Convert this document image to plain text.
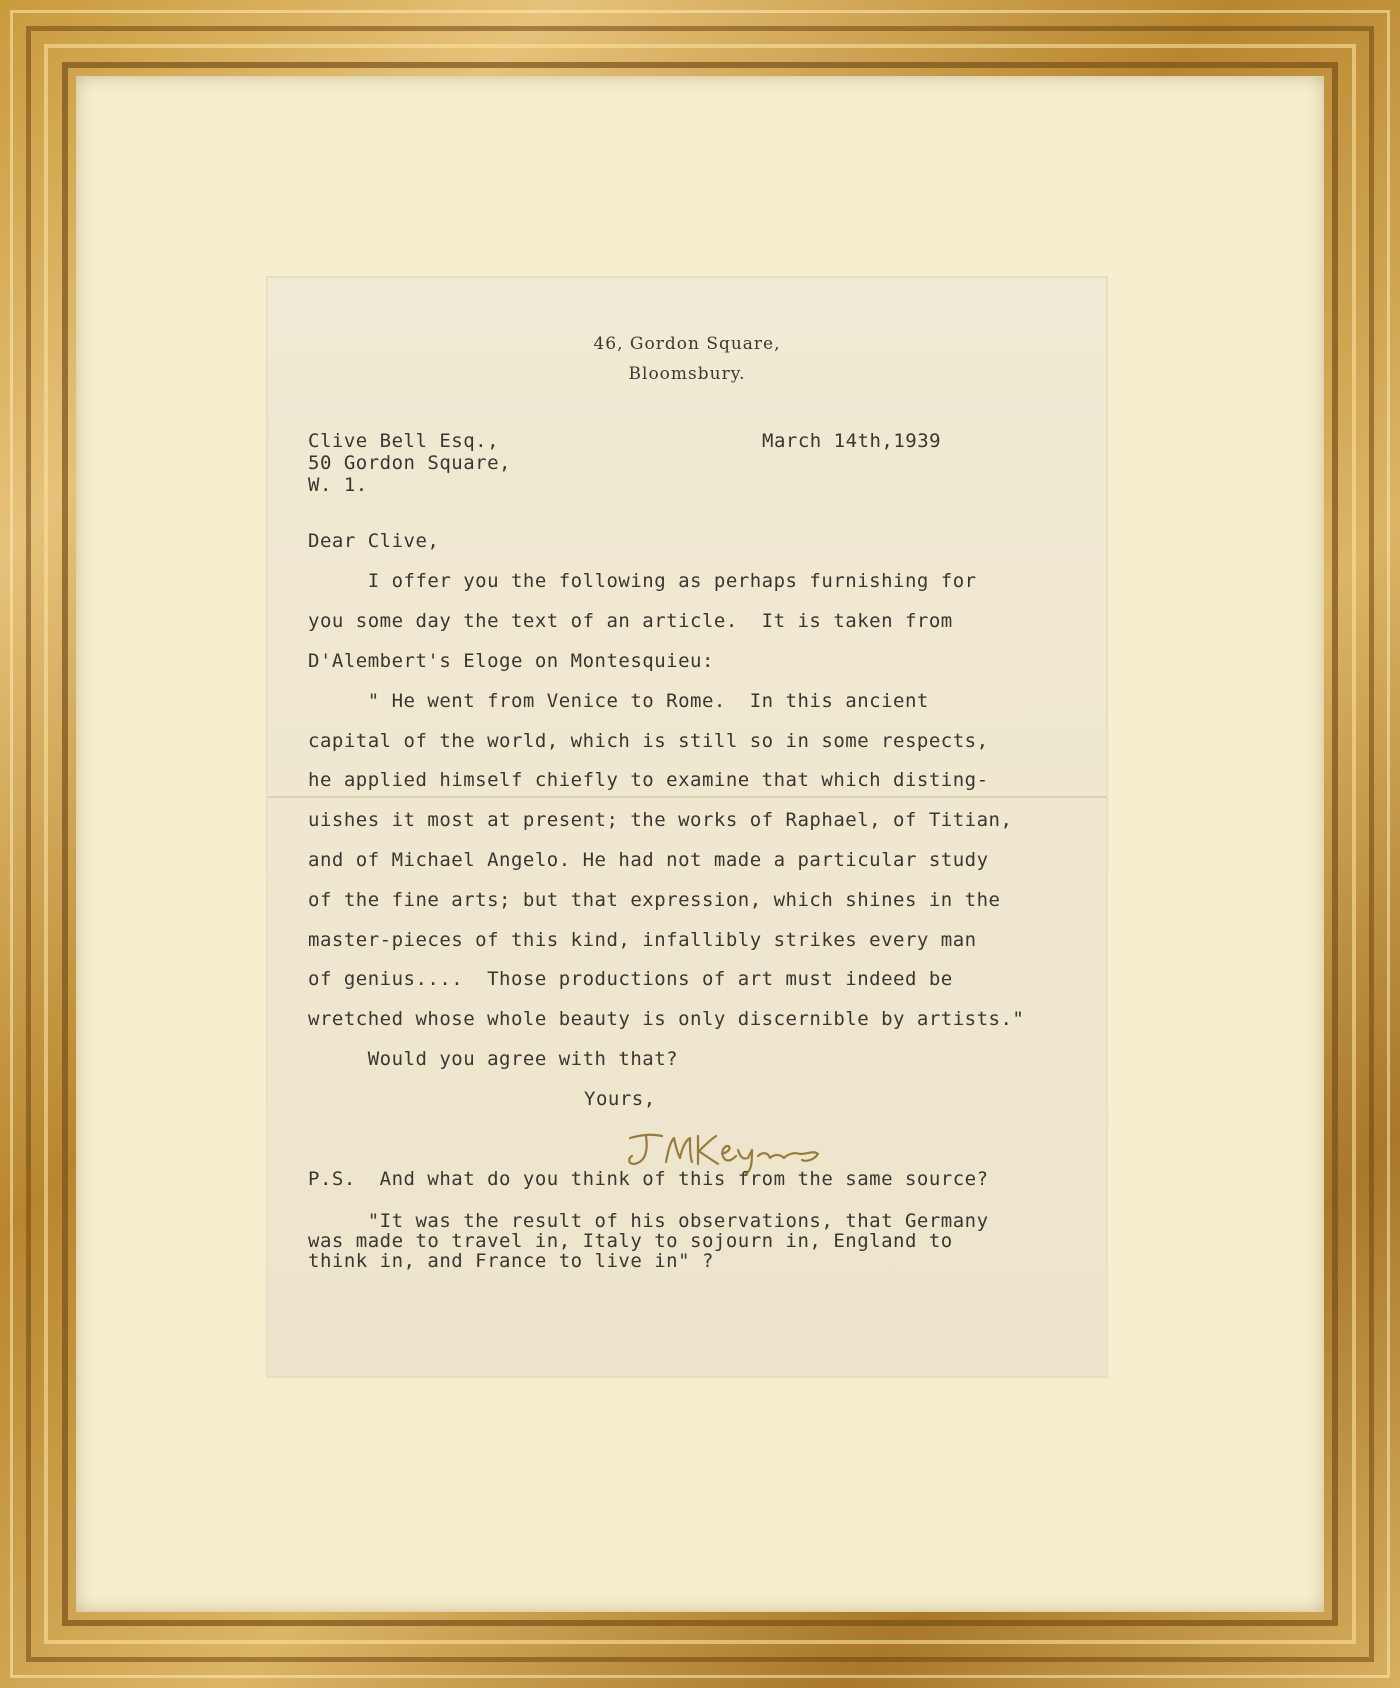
46, Gordon Square,
Bloomsbury.
Clive Bell Esq.,
50 Gordon Square,
W. 1.
March 14th,1939
Dear Clive,
I offer you the following as perhaps furnishing for
you some day the text of an article.  It is taken from
D'Alembert's Eloge on Montesquieu:
" He went from Venice to Rome.  In this ancient
capital of the world, which is still so in some respects,
he applied himself chiefly to examine that which disting-
uishes it most at present; the works of Raphael, of Titian,
and of Michael Angelo. He had not made a particular study
of the fine arts; but that expression, which shines in the
master-pieces of this kind, infallibly strikes every man
of genius....  Those productions of art must indeed be
wretched whose whole beauty is only discernible by artists."
Would you agree with that?
Yours,
P.S.  And what do you think of this from the same source?
"It was the result of his observations, that Germany
was made to travel in, Italy to sojourn in, England to
think in, and France to live in" ?
